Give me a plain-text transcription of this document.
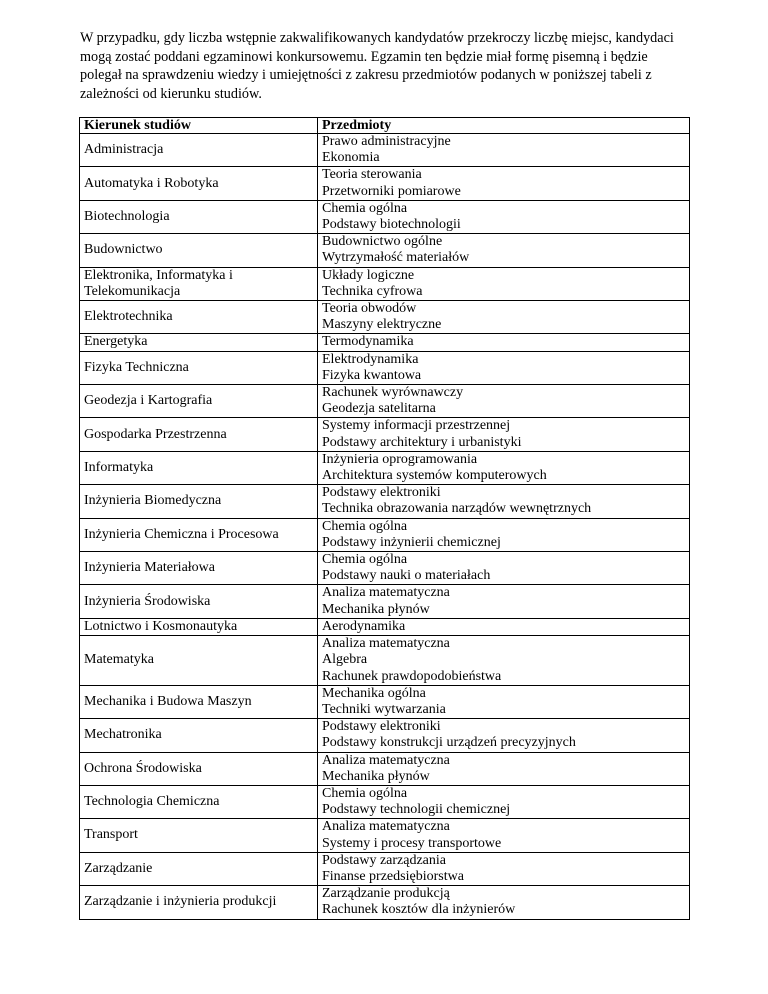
W przypadku, gdy liczba wstępnie zakwalifikowanych kandydatów przekroczy liczbę miejsc, kandydaci mogą zostać poddani egzaminowi konkursowemu. Egzamin ten będzie miał formę pisemną i będzie polegał na sprawdzeniu wiedzy i umiejętności z zakresu przedmiotów podanych w poniższej tabeli z zależności od kierunku studiów.

Kierunek studiów	Przedmioty
Administracja	Prawo administracyjne
Ekonomia

Automatyka i Robotyka	Teoria sterowania
Przetworniki pomiarowe

Biotechnologia	Chemia ogólna
Podstawy biotechnologii

Budownictwo	Budownictwo ogólne
Wytrzymałość materiałów

Elektronika, Informatyka i Telekomunikacja	Układy logiczne
Technika cyfrowa

Elektrotechnika	Teoria obwodów
Maszyny elektryczne

Energetyka	Termodynamika

Fizyka Techniczna	Elektrodynamika
Fizyka kwantowa

Geodezja i Kartografia	Rachunek wyrównawczy
Geodezja satelitarna

Gospodarka Przestrzenna	Systemy informacji przestrzennej
Podstawy architektury i urbanistyki

Informatyka	Inżynieria oprogramowania
Architektura systemów komputerowych

Inżynieria Biomedyczna	Podstawy elektroniki
Technika obrazowania narządów wewnętrznych

Inżynieria Chemiczna i Procesowa	Chemia ogólna
Podstawy inżynierii chemicznej

Inżynieria Materiałowa	Chemia ogólna
Podstawy nauki o materiałach

Inżynieria Środowiska	Analiza matematyczna
Mechanika płynów

Lotnictwo i Kosmonautyka	Aerodynamika

Matematyka	Analiza matematyczna
Algebra
Rachunek prawdopodobieństwa

Mechanika i Budowa Maszyn	Mechanika ogólna
Techniki wytwarzania

Mechatronika	Podstawy elektroniki
Podstawy konstrukcji urządzeń precyzyjnych

Ochrona Środowiska	Analiza matematyczna
Mechanika płynów

Technologia Chemiczna	Chemia ogólna
Podstawy technologii chemicznej

Transport	Analiza matematyczna
Systemy i procesy transportowe

Zarządzanie	Podstawy zarządzania
Finanse przedsiębiorstwa

Zarządzanie i inżynieria produkcji	Zarządzanie produkcją
Rachunek kosztów dla inżynierów
